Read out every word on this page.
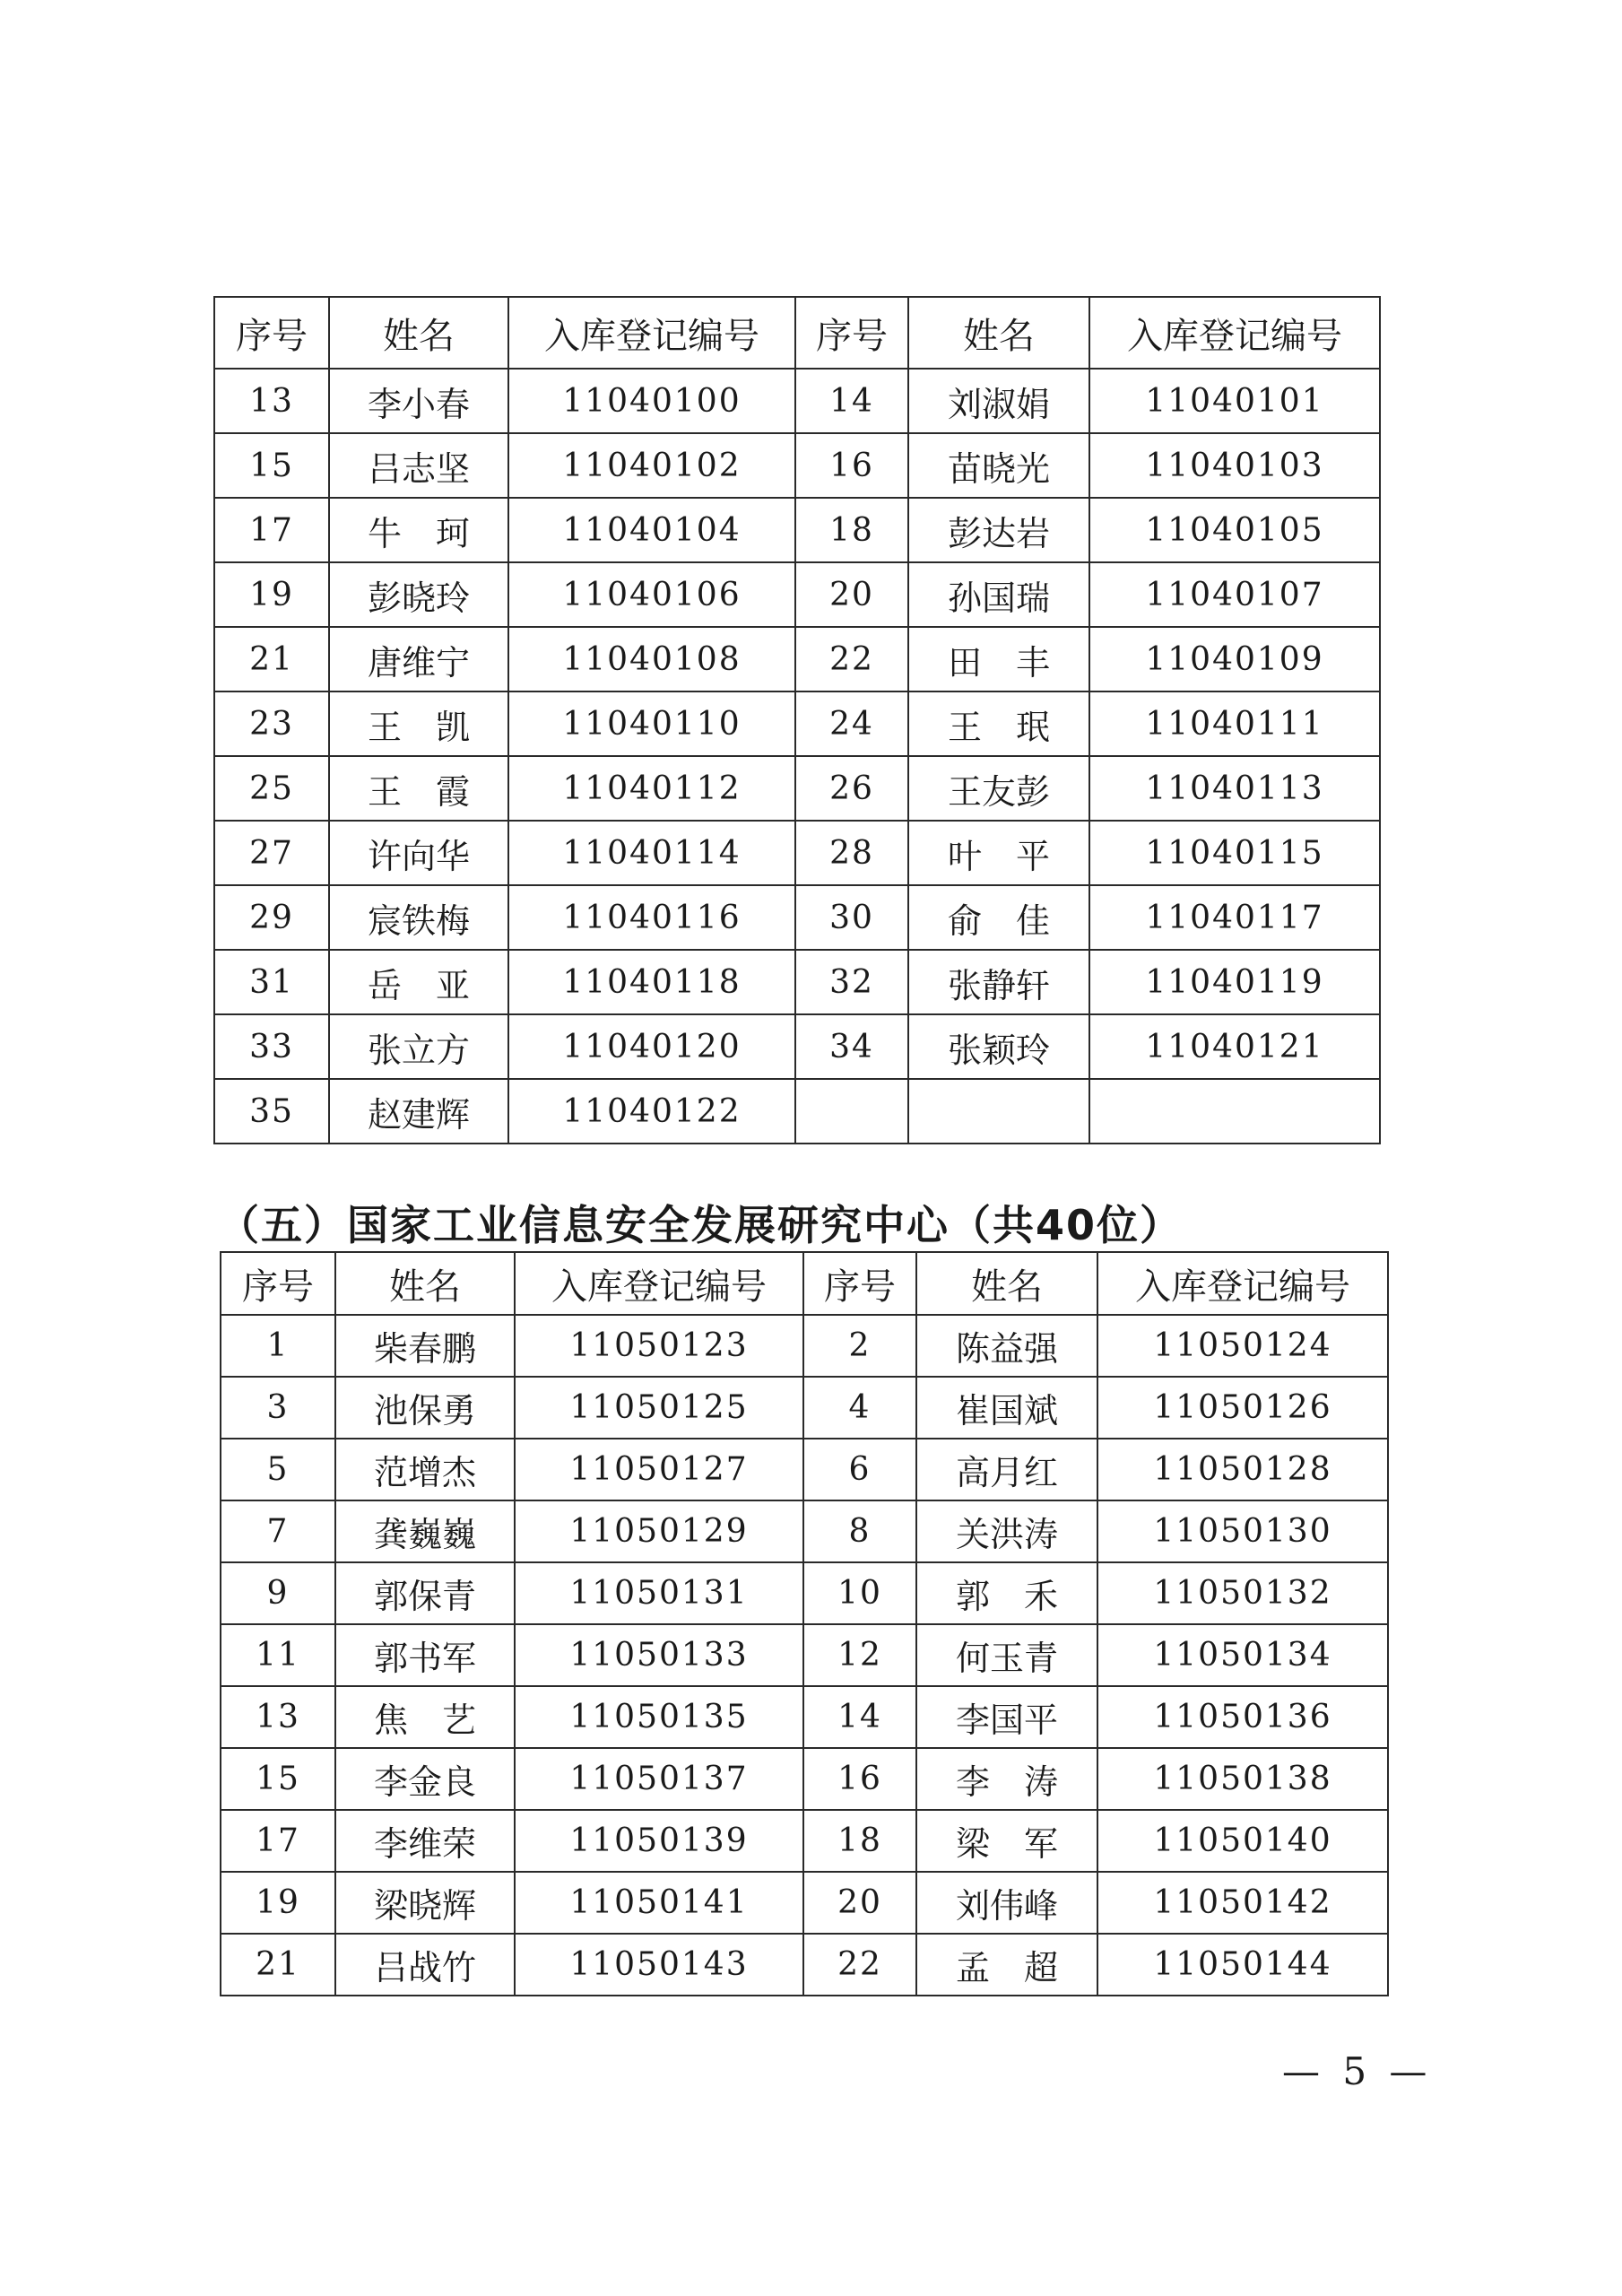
序号	姓名	入库登记编号	序号	姓名	入库登记编号
13	李小春	11040100	14	刘淑娟	11040101
15	吕志坚	11040102	16	苗晓光	11040103
17	牛　珂	11040104	18	彭达岩	11040105
19	彭晓玲	11040106	20	孙国瑞	11040107
21	唐维宁	11040108	22	田　丰	11040109
23	王　凯	11040110	24	王　珉	11040111
25	王　霞	11040112	26	王友彭	11040113
27	许向华	11040114	28	叶　平	11040115
29	宸铁梅	11040116	30	俞　佳	11040117
31	岳　亚	11040118	32	张静轩	11040119
33	张立方	11040120	34	张颖玲	11040121
35	赵建辉	11040122			
（五）国家工业信息安全发展研究中心（共40位）
序号	姓名	入库登记编号	序号	姓名	入库登记编号
1	柴春鹏	11050123	2	陈益强	11050124
3	池保勇	11050125	4	崔国斌	11050126
5	范增杰	11050127	6	高月红	11050128
7	龚巍巍	11050129	8	关洪涛	11050130
9	郭保青	11050131	10	郭　禾	11050132
11	郭书军	11050133	12	何玉青	11050134
13	焦　艺	11050135	14	李国平	11050136
15	李金良	11050137	16	李　涛	11050138
17	李维荣	11050139	18	梁　军	11050140
19	梁晓辉	11050141	20	刘伟峰	11050142
21	吕战竹	11050143	22	孟　超	11050144
— 5 —
